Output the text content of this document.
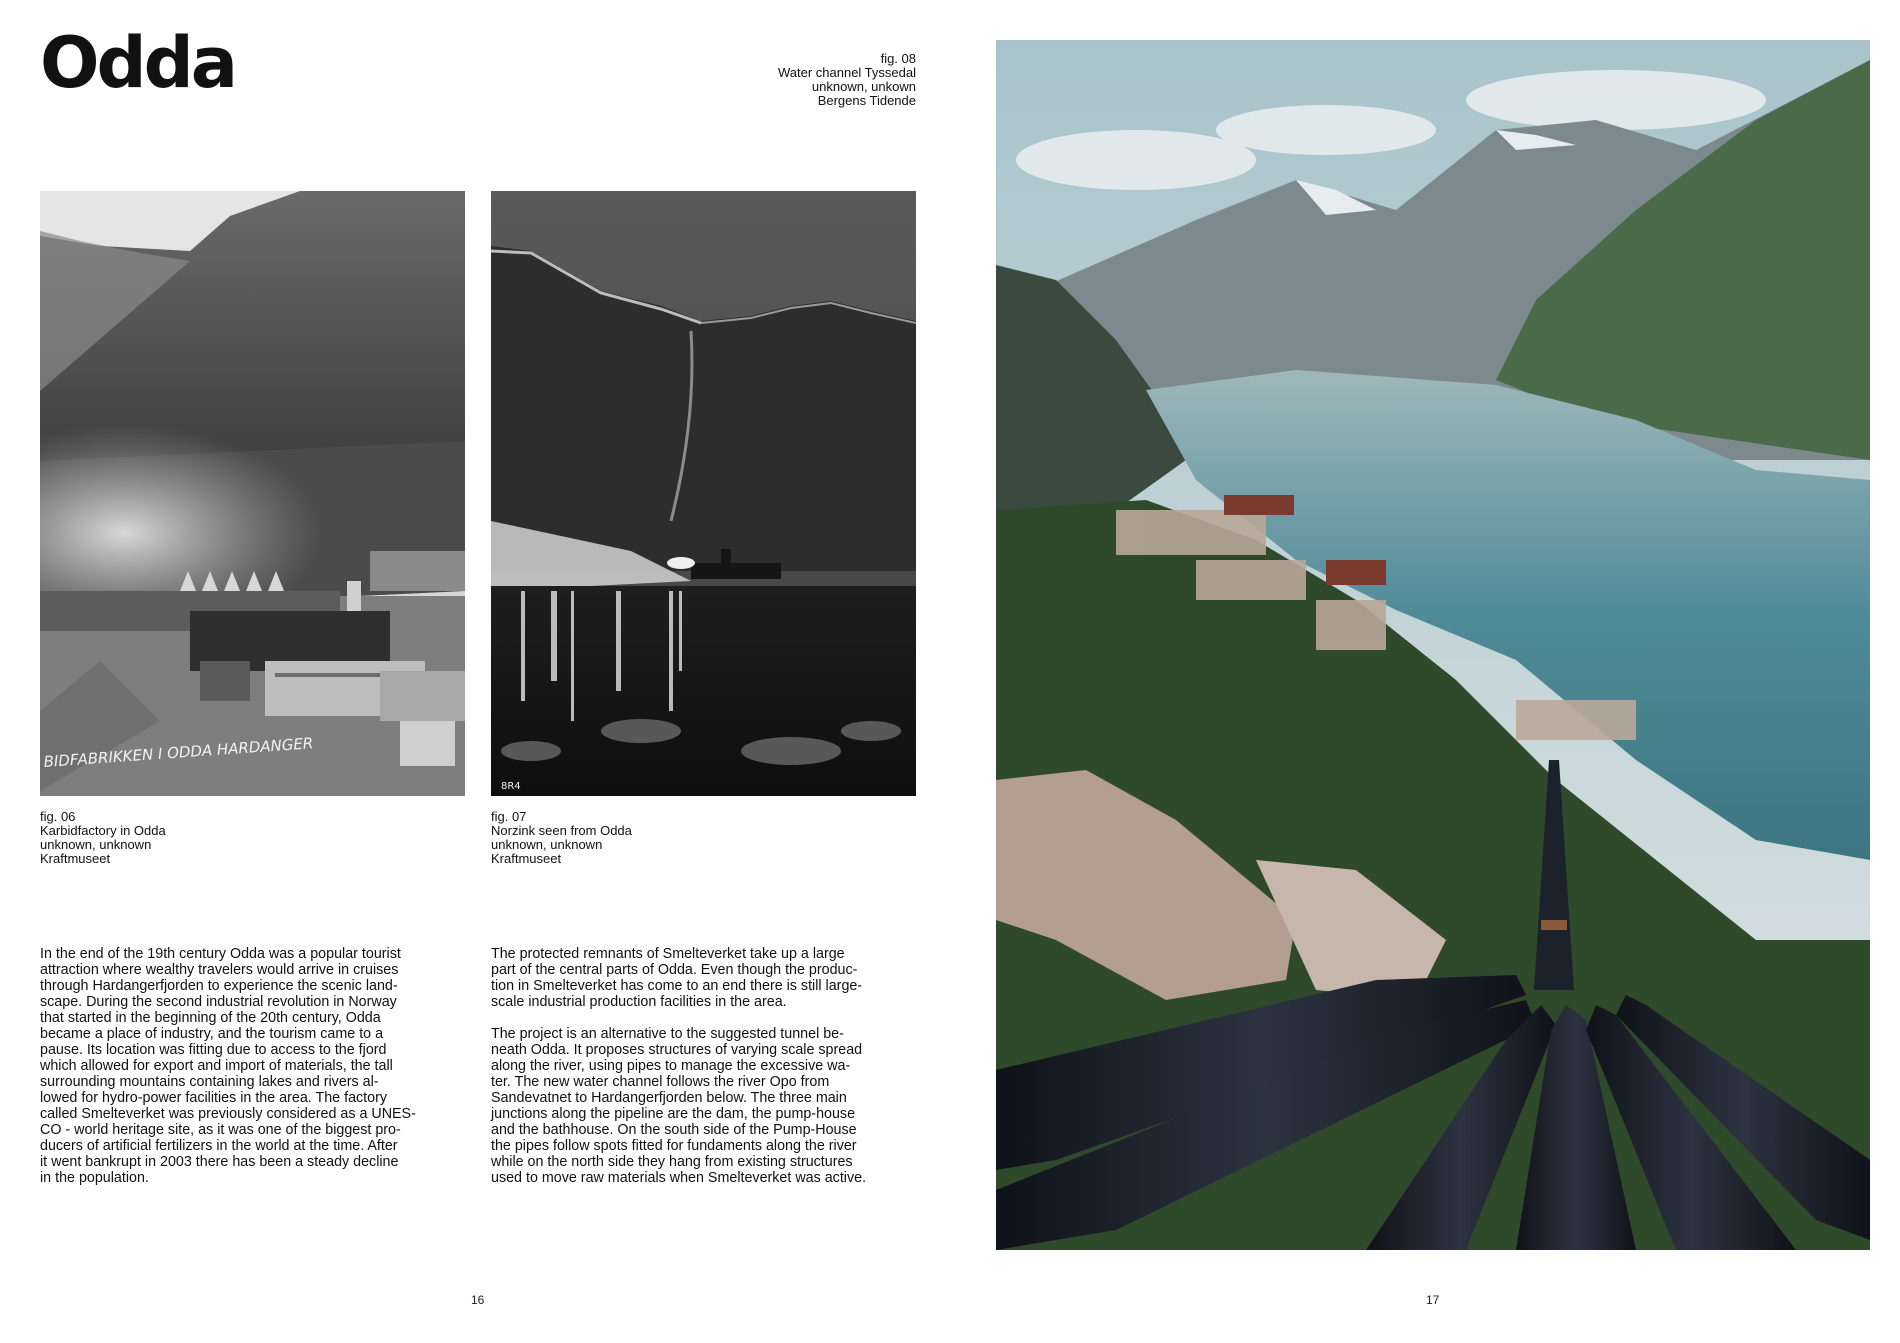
Odda	fig. 08
Water channel Tyssedal
unknown, unkown
Bergens Tidende
BIDFABRIKKEN I ODDA HARDANGER
fig. 06
Karbidfactory in Odda
unknown, unknown
Kraftmuseet
8R4
fig. 07
Norzink seen from Odda
unknown, unknown
Kraftmuseet

In the end of the 19th century Odda was a popular tourist
attraction where wealthy travelers would arrive in cruises
through Hardangerfjorden to experience the scenic land-
scape. During the second industrial revolution in Norway
that started in the beginning of the 20th century, Odda
became a place of industry, and the tourism came to a
pause. Its location was fitting due to access to the fjord
which allowed for export and import of materials, the tall
surrounding mountains containing lakes and rivers al-
lowed for hydro-power facilities in the area. The factory
called Smelteverket was previously considered as a UNES-
CO - world heritage site, as it was one of the biggest pro-
ducers of artificial fertilizers in the world at the time. After
it went bankrupt in 2003 there has been a steady decline
in the population.

The protected remnants of Smelteverket take up a large
part of the central parts of Odda. Even though the produc-
tion in Smelteverket has come to an end there is still large-
scale industrial production facilities in the area.

The project is an alternative to the suggested tunnel be-
neath Odda. It proposes structures of varying scale spread
along the river, using pipes to manage the excessive wa-
ter. The new water channel follows the river Opo from
Sandevatnet to Hardangerfjorden below. The three main
junctions along the pipeline are the dam, the pump-house
and the bathhouse. On the south side of the Pump-House
the pipes follow spots fitted for fundaments along the river
while on the north side they hang from existing structures
used to move raw materials when Smelteverket was active.

16	17
